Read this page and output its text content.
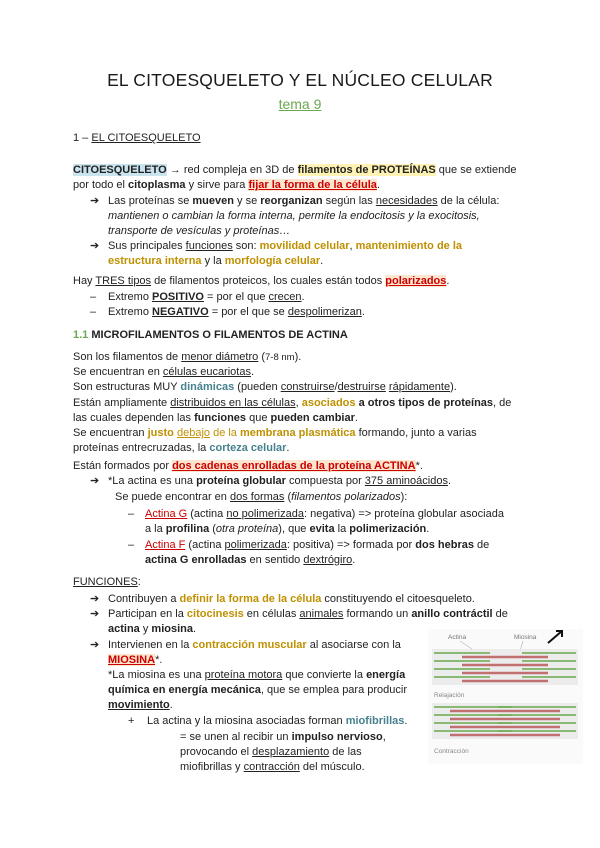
EL CITOESQUELETO Y EL NÚCLEO CELULAR
tema 9
1 – EL CITOESQUELETO
CITOESQUELETO → red compleja en 3D de filamentos de PROTEÍNAS que se extiende
por todo el citoplasma y sirve para fijar la forma de la célula.
➔ Las proteínas se mueven y se reorganizan según las necesidades de la célula:
mantienen o cambian la forma interna, permite la endocitosis y la exocitosis,
transporte de vesículas y proteínas…
➔ Sus principales funciones son: movilidad celular, mantenimiento de la
estructura interna y la morfología celular.
Hay TRES tipos de filamentos proteicos, los cuales están todos polarizados.
– Extremo POSITIVO = por el que crecen.
– Extremo NEGATIVO = por el que se despolimerizan.
1.1 MICROFILAMENTOS O FILAMENTOS DE ACTINA
Son los filamentos de menor diámetro (7-8 nm).
Se encuentran en células eucariotas.
Son estructuras MUY dinámicas (pueden construirse/destruirse rápidamente).
Están ampliamente distribuidos en las células, asociados a otros tipos de proteínas, de
las cuales dependen las funciones que pueden cambiar.
Se encuentran justo debajo de la membrana plasmática formando, junto a varias
proteínas entrecruzadas, la corteza celular.
Están formados por dos cadenas enrolladas de la proteína ACTINA*.
➔ *La actina es una proteína globular compuesta por 375 aminoácidos.
Se puede encontrar en dos formas (filamentos polarizados):
– Actina G (actina no polimerizada: negativa) => proteína globular asociada
a la profilina (otra proteína), que evita la polimerización.
– Actina F (actina polimerizada: positiva) => formada por dos hebras de
actina G enrolladas en sentido dextrógiro.
FUNCIONES:
➔ Contribuyen a definir la forma de la célula constituyendo el citoesqueleto.
➔ Participan en la citocinesis en células animales formando un anillo contráctil de
actina y miosina.
➔ Intervienen en la contracción muscular al asociarse con la
MIOSINA*.
*La miosina es una proteína motora que convierte la energía
química en energía mecánica, que se emplea para producir
movimiento.
+ La actina y la miosina asociadas forman miofibrillas.
= se unen al recibir un impulso nervioso,
provocando el desplazamiento de las
miofibrillas y contracción del músculo.
Actina	Miosina
Relajación
Contracción
